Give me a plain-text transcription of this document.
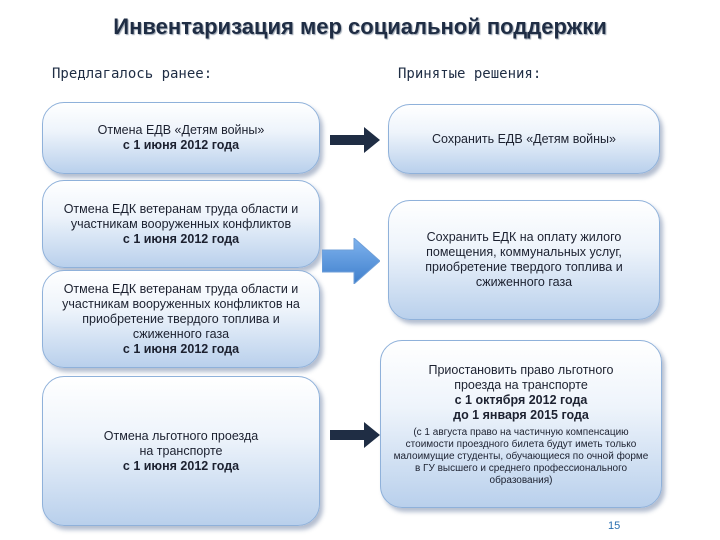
Инвентаризация мер социальной поддержки
Предлагалось ранее:	Принятые решения:
Отмена ЕДВ «Детям войны»
с 1 июня 2012 года
Отмена ЕДК ветеранам труда области и участникам вооруженных конфликтов
с 1 июня 2012 года
Отмена ЕДК ветеранам труда области и участникам вооруженных конфликтов на приобретение твердого топлива и сжиженного газа
с 1 июня 2012 года
Отмена льготного проезда на транспорте
с 1 июня 2012 года
Сохранить ЕДВ «Детям войны»
Сохранить ЕДК на оплату жилого помещения, коммунальных услуг, приобретение твердого топлива и сжиженного газа
Приостановить право льготного проезда на транспорте
с 1 октября 2012 года
до 1 января 2015 года
(с 1 августа право на частичную компенсацию стоимости проездного билета будут иметь только малоимущие студенты, обучающиеся по очной форме в ГУ высшего и среднего профессионального образования)
15
